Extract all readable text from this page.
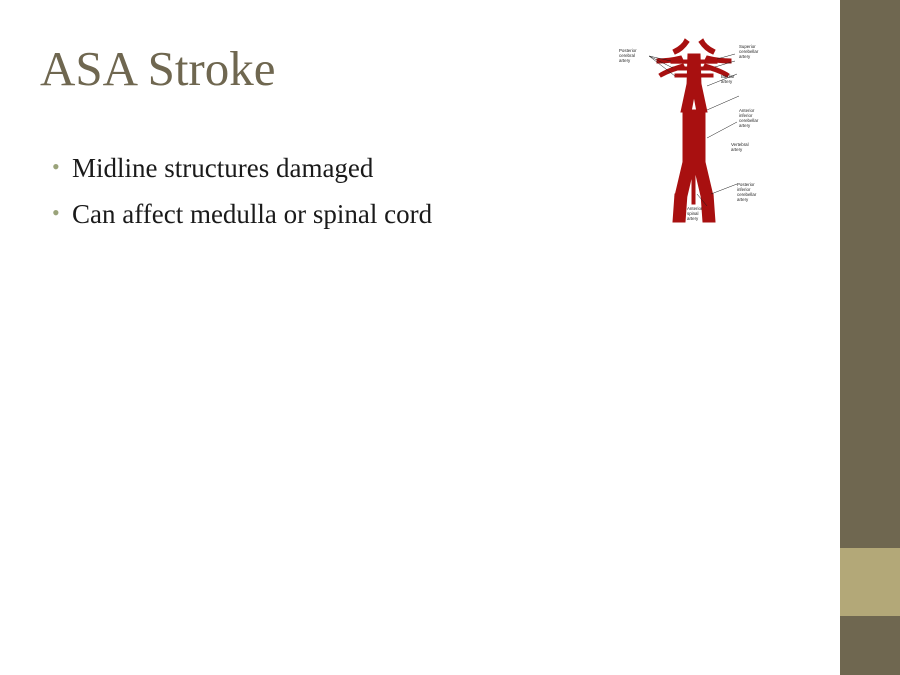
ASA Stroke
• Midline structures damaged
• Can affect medulla or spinal cord
Posterior
cerebral
artery
Superior
cerebellar
artery
Basilar
artery
Anterior
inferior
cerebellar
artery
Vertebral
artery
Posterior
inferior
cerebellar
artery
Anterior
spinal
artery
